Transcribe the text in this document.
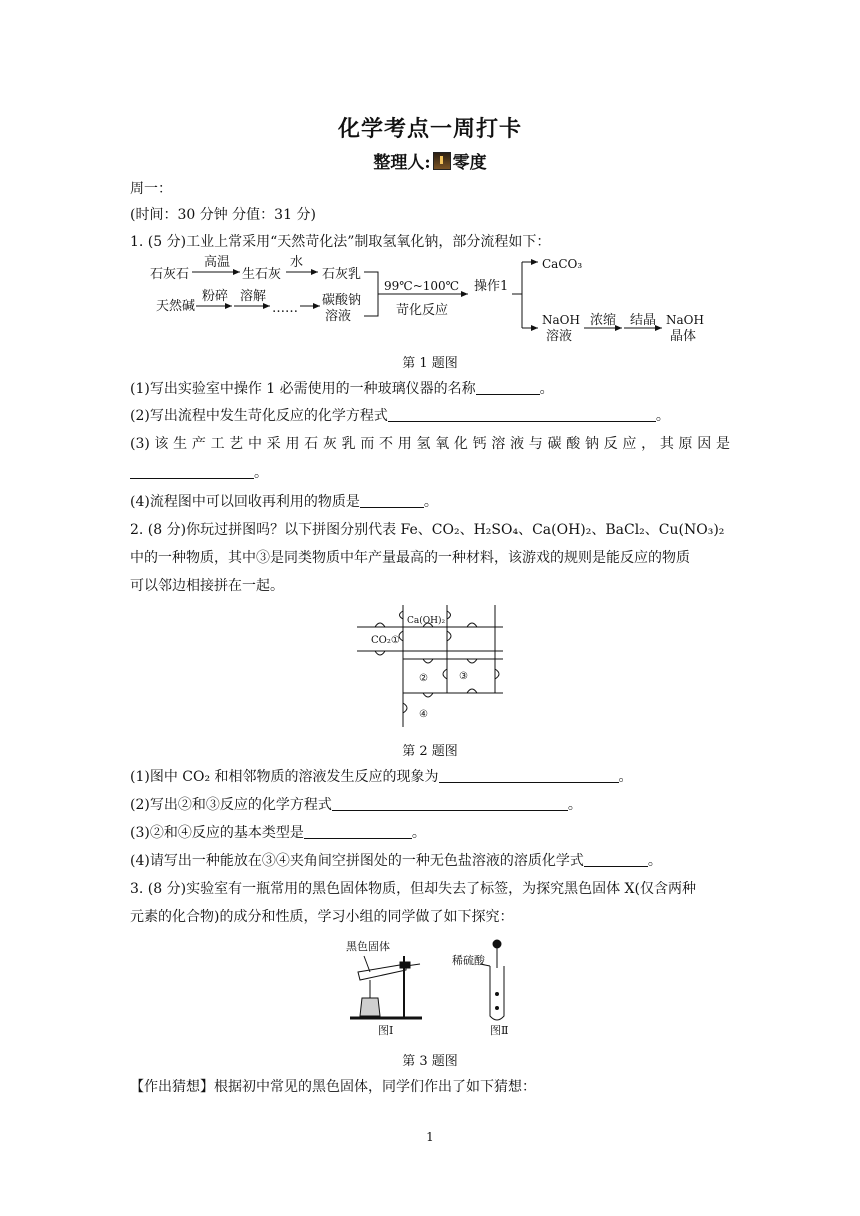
化学考点一周打卡
整理人: 零度
周一：
(时间：30 分钟 分值：31 分)
1. (5 分)工业上常采用“天然苛化法”制取氢氧化钠，部分流程如下：
石灰石
高温
生石灰
水
石灰乳
天然碱
粉碎 溶解
……
碳酸钠
溶液
99℃~100℃
苛化反应
操作1
CaCO₃
NaOH
溶液
浓缩 结晶 NaOH
晶体
第 1 题图
(1)写出实验室中操作 1 必需使用的一种玻璃仪器的名称	。
(2)写出流程中发生苛化反应的化学方程式	。
(3) 该 生 产 工 艺 中 采 用 石 灰 乳 而 不 用 氢 氧 化 钙 溶 液 与 碳 酸 钠 反 应 ， 其 原 因 是
。
(4)流程图中可以回收再利用的物质是	。
2. (8 分)你玩过拼图吗？以下拼图分别代表 Fe、CO₂、H₂SO₄、Ca(OH)₂、BaCl₂、Cu(NO₃)₂
中的一种物质，其中③是同类物质中年产量最高的一种材料，该游戏的规则是能反应的物质
可以邻边相接拼在一起。
CO₂①
Ca(OH)₂
②	③
④
第 2 题图
(1)图中 CO₂ 和相邻物质的溶液发生反应的现象为	。
(2)写出②和③反应的化学方程式	。
(3)②和④反应的基本类型是	。
(4)请写出一种能放在③④夹角间空拼图处的一种无色盐溶液的溶质化学式	。
3. (8 分)实验室有一瓶常用的黑色固体物质，但却失去了标签，为探究黑色固体 X(仅含两种
元素的化合物)的成分和性质，学习小组的同学做了如下探究：
黑色固体
稀硫酸
图Ⅰ	图Ⅱ
第 3 题图
【作出猜想】根据初中常见的黑色固体，同学们作出了如下猜想：
1
